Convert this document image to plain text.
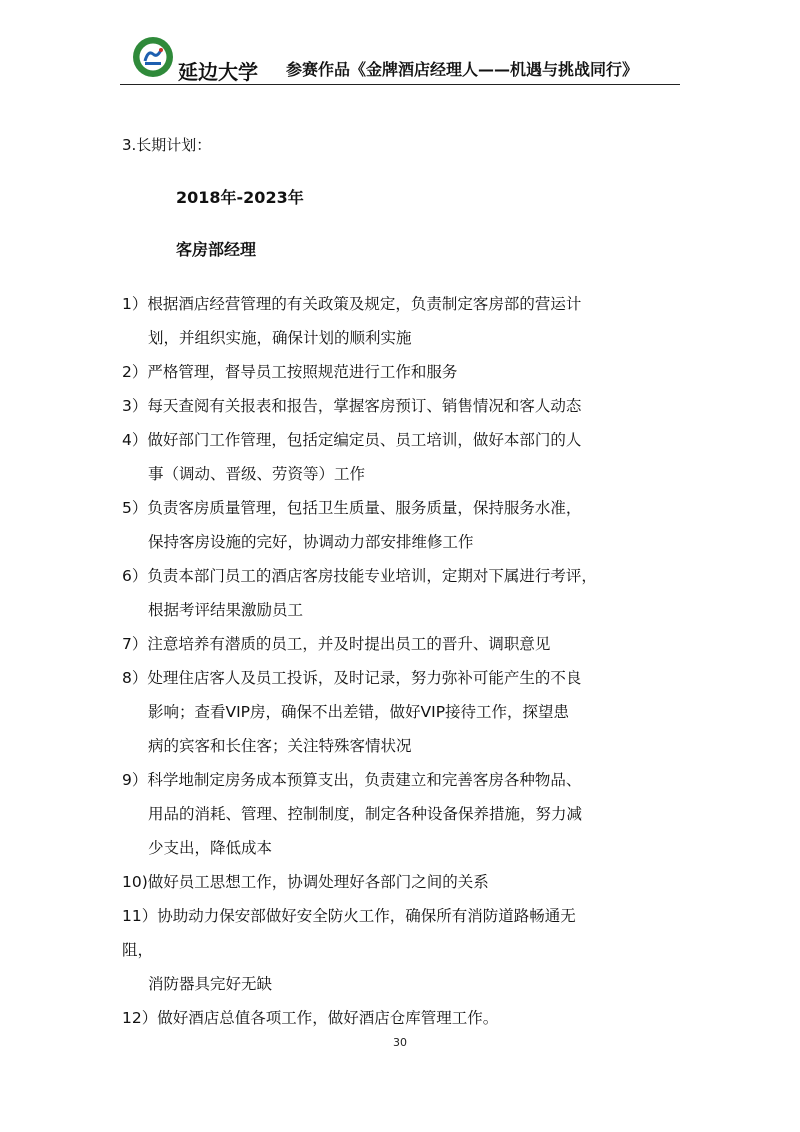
延边大学 参赛作品《金牌酒店经理人——机遇与挑战同行》
3.长期计划：
2018年-2023年
客房部经理
1）根据酒店经营管理的有关政策及规定，负责制定客房部的营运计
划，并组织实施，确保计划的顺利实施
2）严格管理，督导员工按照规范进行工作和服务
3）每天查阅有关报表和报告，掌握客房预订、销售情况和客人动态
4）做好部门工作管理，包括定编定员、员工培训，做好本部门的人
事（调动、晋级、劳资等）工作
5）负责客房质量管理，包括卫生质量、服务质量，保持服务水准，
保持客房设施的完好，协调动力部安排维修工作
6）负责本部门员工的酒店客房技能专业培训，定期对下属进行考评，
根据考评结果激励员工
7）注意培养有潜质的员工，并及时提出员工的晋升、调职意见
8）处理住店客人及员工投诉，及时记录，努力弥补可能产生的不良
影响；查看VIP房，确保不出差错，做好VIP接待工作，探望患
病的宾客和长住客；关注特殊客情状况
9）科学地制定房务成本预算支出，负责建立和完善客房各种物品、
用品的消耗、管理、控制制度，制定各种设备保养措施，努力减
少支出，降低成本
10)做好员工思想工作，协调处理好各部门之间的关系
11）协助动力保安部做好安全防火工作，确保所有消防道路畅通无
阻，
消防器具完好无缺
12）做好酒店总值各项工作，做好酒店仓库管理工作。
30
